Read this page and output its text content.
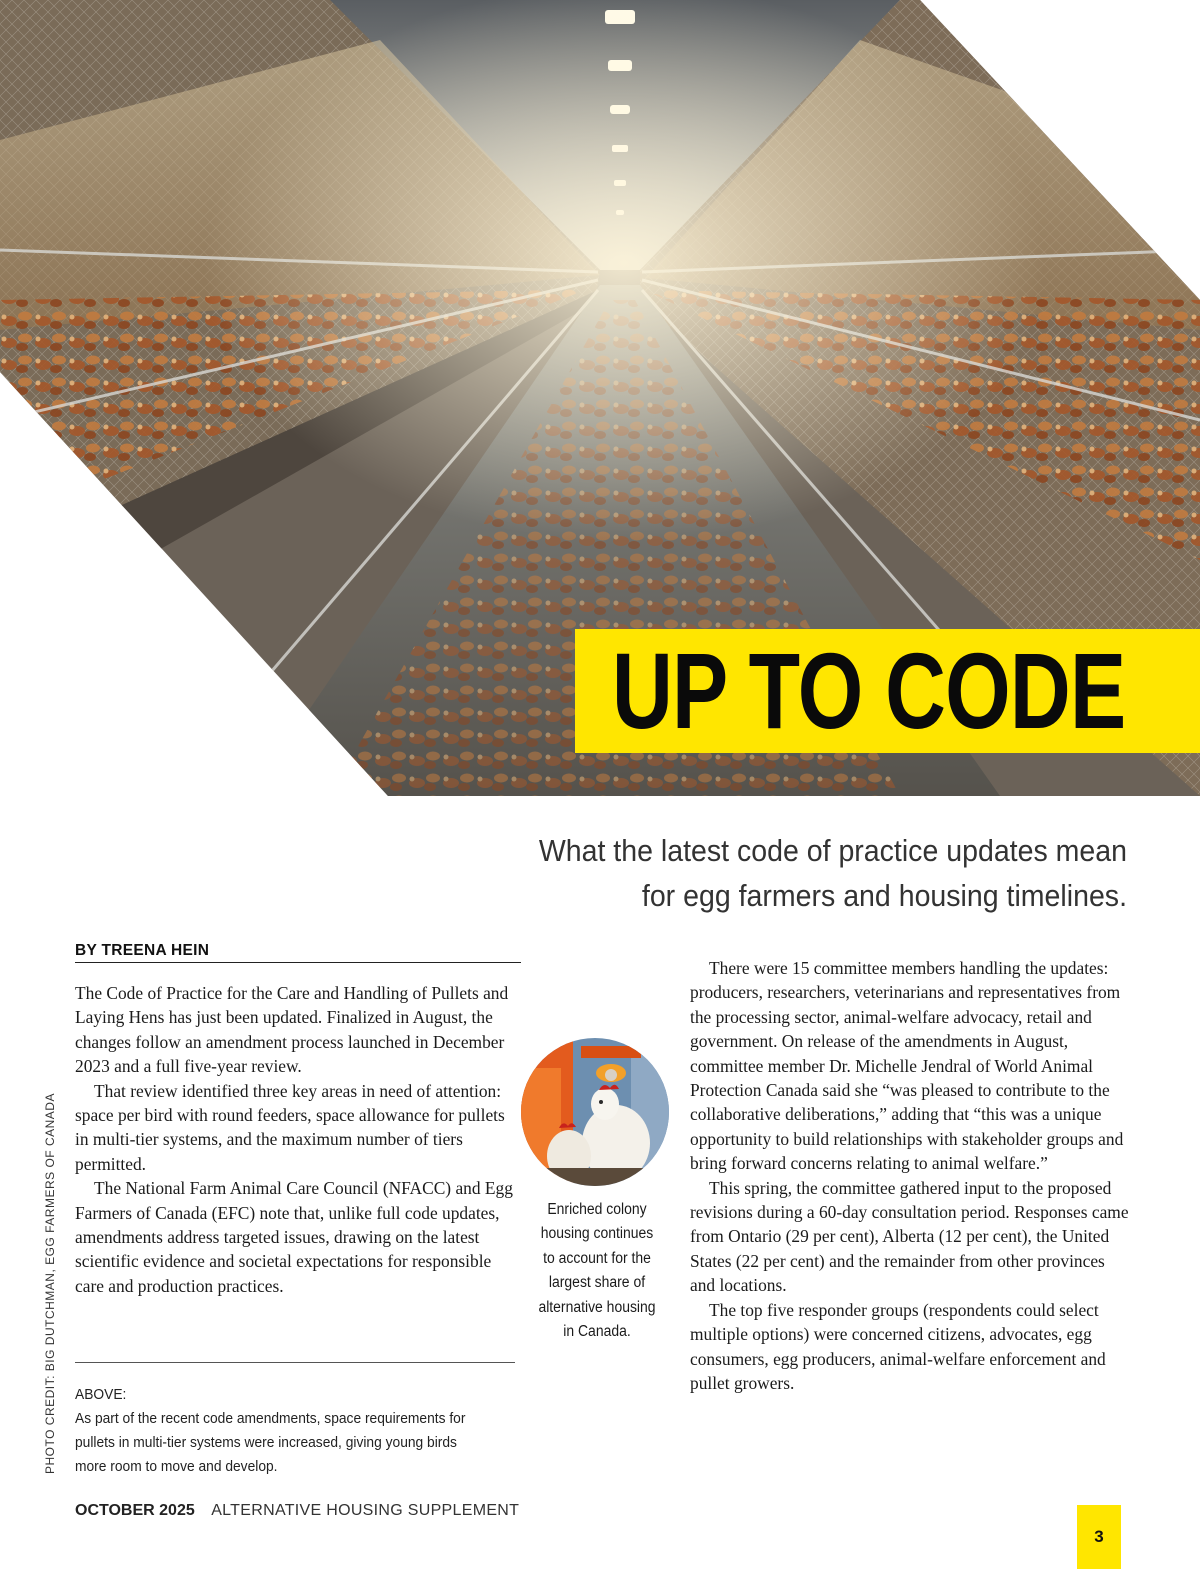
UP TO CODE
What the latest code of practice updates mean for egg farmers and housing timelines.
BY TREENA HEIN

The Code of Practice for the Care and Handling of Pullets and Laying Hens has just been updated. Finalized in August, the changes follow an amendment process launched in December 2023 and a full five-year review.

That review identified three key areas in need of attention: space per bird with round feeders, space allowance for pullets in multi-tier systems, and the maximum number of tiers permitted.

The National Farm Animal Care Council (NFACC) and Egg Farmers of Canada (EFC) note that, unlike full code updates, amendments address targeted issues, drawing on the latest scientific evidence and societal expectations for responsible care and production practices.

ABOVE:
As part of the recent code amendments, space requirements for pullets in multi-tier systems were increased, giving young birds more room to move and develop.
Enriched colony housing continues to account for the largest share of alternative housing in Canada.

There were 15 committee members handling the updates: producers, researchers, veterinarians and representatives from the processing sector, animal-welfare advocacy, retail and government. On release of the amendments in August, committee member Dr. Michelle Jendral of World Animal Protection Canada said she “was pleased to contribute to the collaborative deliberations,” adding that “this was a unique opportunity to build relationships with stakeholder groups and bring forward concerns relating to animal welfare.”

This spring, the committee gathered input to the proposed revisions during a 60-day consultation period. Responses came from Ontario (29 per cent), Alberta (12 per cent), the United States (22 per cent) and the remainder from other provinces and locations.

The top five responder groups (respondents could select multiple options) were concerned citizens, advocates, egg consumers, egg producers, animal-welfare enforcement and pullet growers.

PHOTO CREDIT: BIG DUTCHMAN, EGG FARMERS OF CANADA
OCTOBER 2025 ALTERNATIVE HOUSING SUPPLEMENT
3
